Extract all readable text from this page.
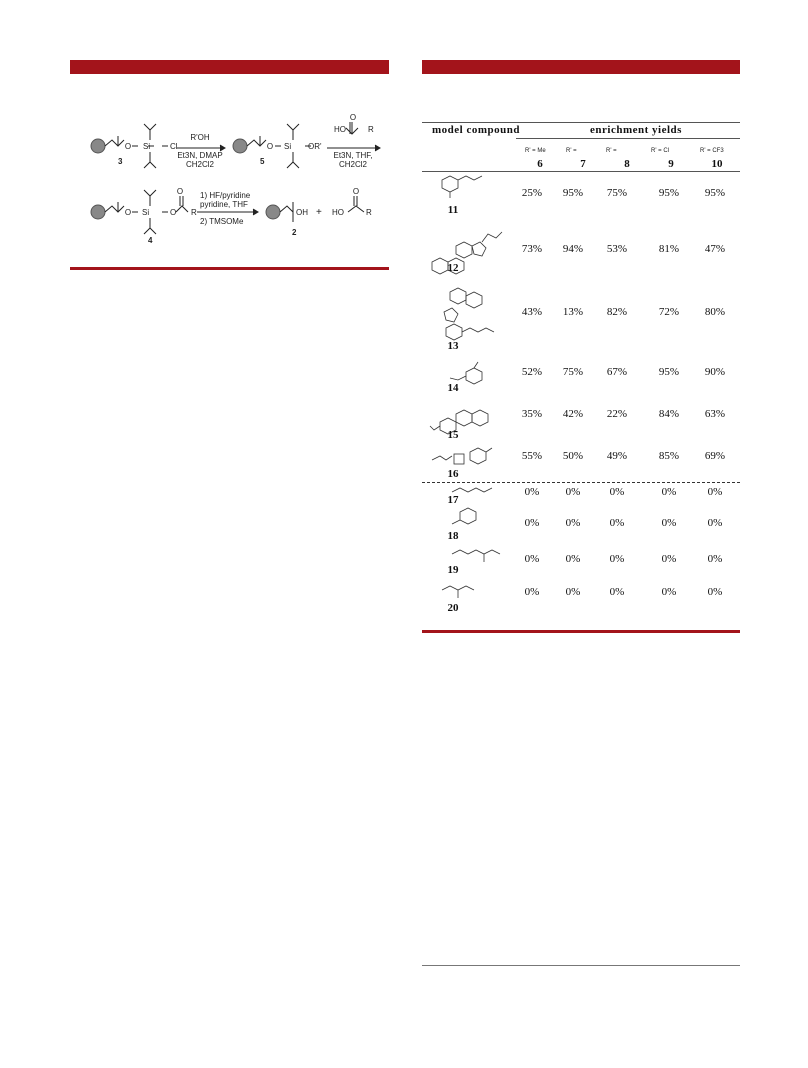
O Si Cl
3
R'OH
Et3N, DMAP
CH2Cl2
O Si OR'
5
HO	R
O
Et3N, THF,
CH2Cl2
O Si	O R
O
4
1) HF/pyridine
pyridine, THF
2) TMSOMe
OH
2
+ HO	R
O
model compound	enrichment yields
R' = Me	R' =	R' =	R' = Cl	R' = CF3
6	7	8	9	10
11
25%	95%	75%	95%	95%
12
73%	94%	53%	81%	47%
13
43%	13%	82%	72%	80%
14
52%	75%	67%	95%	90%
15
35%	42%	22%	84%	63%
16
55%	50%	49%	85%	69%
17
0%	0%	0%	0%	0%
18
0%	0%	0%	0%	0%
19
0%	0%	0%	0%	0%
20
0%	0%	0%	0%	0%
